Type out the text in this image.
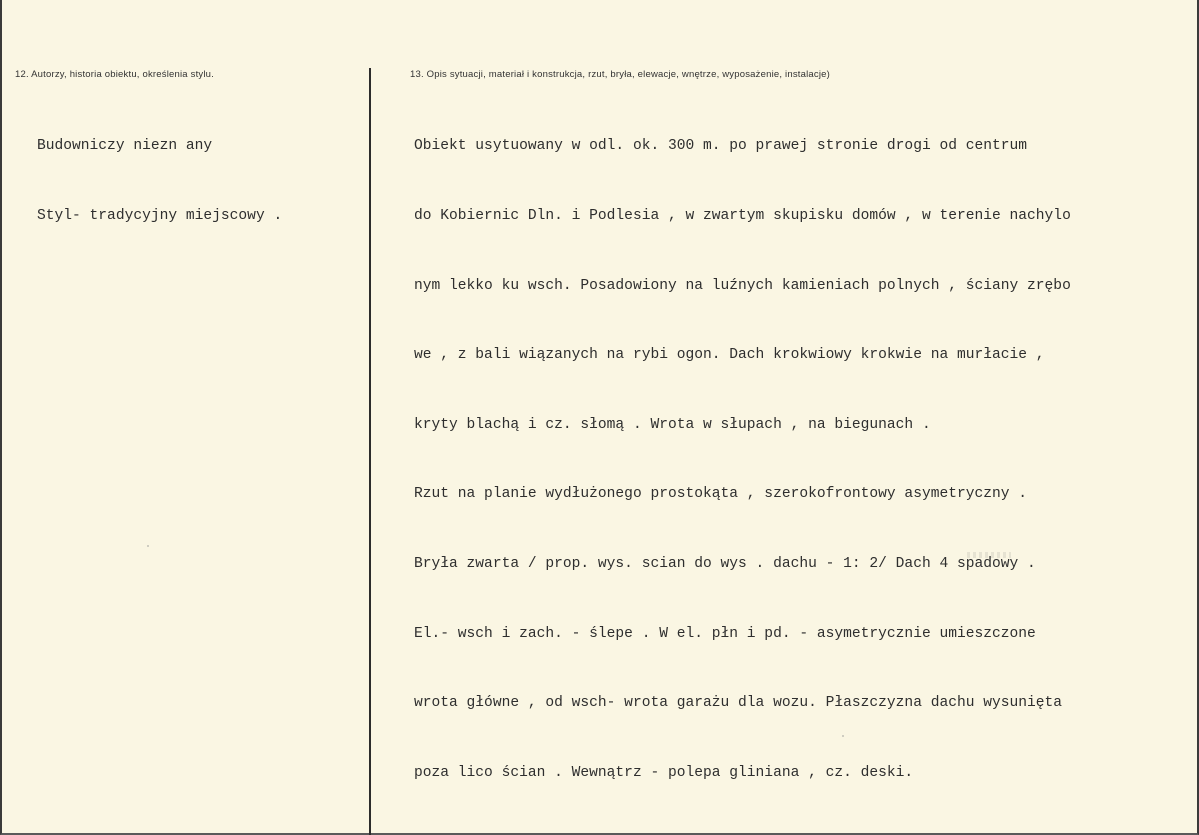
12. Autorzy, historia obiektu, określenia stylu.	13. Opis sytuacji, materiał i konstrukcja, rzut, bryła, elewacje, wnętrze, wyposażenie, instalacje)

Budowniczy niezn any

Styl- tradycyjny miejscowy .

Obiekt usytuowany w odl. ok. 300 m. po prawej stronie drogi od centrum

do Kobiernic Dln. i Podlesia , w zwartym skupisku domów , w terenie nachylo

nym lekko ku wsch. Posadowiony na luźnych kamieniach polnych , ściany zrębo

we , z bali wiązanych na rybi ogon. Dach krokwiowy krokwie na murłacie ,

kryty blachą i cz. słomą . Wrota w słupach , na biegunach .

Rzut na planie wydłużonego prostokąta , szerokofrontowy asymetryczny .

Bryła zwarta / prop. wys. scian do wys . dachu - 1: 2/ Dach 4 spadowy .

El.- wsch i zach. - ślepe . W el. płn i pd. - asymetrycznie umieszczone

wrota główne , od wsch- wrota garażu dla wozu. Płaszczyzna dachu wysunięta

poza lico ścian . Wewnątrz - polepa gliniana , cz. deski.
